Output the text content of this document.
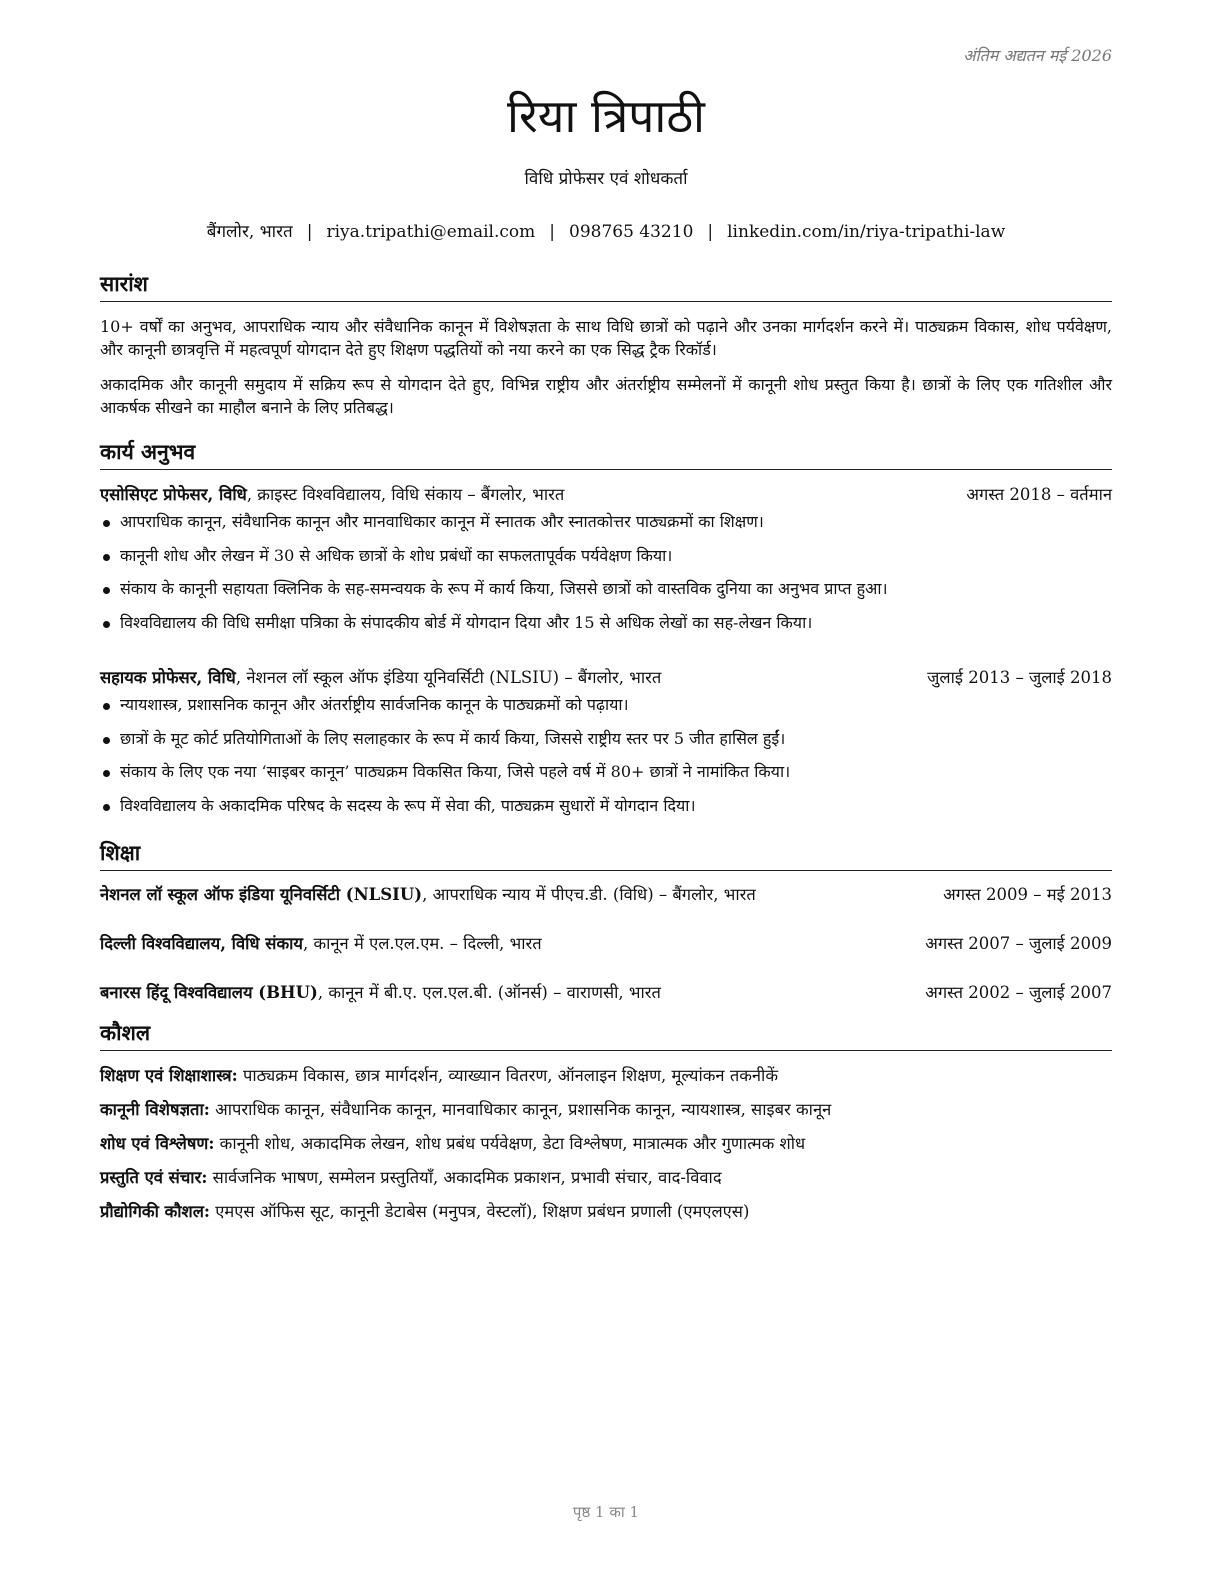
अंतिम अद्यतन मई 2026
रिया त्रिपाठी
विधि प्रोफेसर एवं शोधकर्ता
बैंगलोर, भारत | riya.tripathi@email.com | 098765 43210 | linkedin.com/in/riya-tripathi-law
सारांश
10+ वर्षों का अनुभव, आपराधिक न्याय और संवैधानिक कानून में विशेषज्ञता के साथ विधि छात्रों को पढ़ाने और उनका मार्गदर्शन करने में। पाठ्यक्रम विकास, शोध पर्यवेक्षण, और कानूनी छात्रवृत्ति में महत्वपूर्ण योगदान देते हुए शिक्षण पद्धतियों को नया करने का एक सिद्ध ट्रैक रिकॉर्ड।
अकादमिक और कानूनी समुदाय में सक्रिय रूप से योगदान देते हुए, विभिन्न राष्ट्रीय और अंतर्राष्ट्रीय सम्मेलनों में कानूनी शोध प्रस्तुत किया है। छात्रों के लिए एक गतिशील और आकर्षक सीखने का माहौल बनाने के लिए प्रतिबद्ध।
कार्य अनुभव
एसोसिएट प्रोफेसर, विधि, क्राइस्ट विश्वविद्यालय, विधि संकाय – बैंगलोर, भारत	अगस्त 2018 – वर्तमान
आपराधिक कानून, संवैधानिक कानून और मानवाधिकार कानून में स्नातक और स्नातकोत्तर पाठ्यक्रमों का शिक्षण।
कानूनी शोध और लेखन में 30 से अधिक छात्रों के शोध प्रबंधों का सफलतापूर्वक पर्यवेक्षण किया।
संकाय के कानूनी सहायता क्लिनिक के सह-समन्वयक के रूप में कार्य किया, जिससे छात्रों को वास्तविक दुनिया का अनुभव प्राप्त हुआ।
विश्वविद्यालय की विधि समीक्षा पत्रिका के संपादकीय बोर्ड में योगदान दिया और 15 से अधिक लेखों का सह-लेखन किया।
सहायक प्रोफेसर, विधि, नेशनल लॉ स्कूल ऑफ इंडिया यूनिवर्सिटी (NLSIU) – बैंगलोर, भारत	जुलाई 2013 – जुलाई 2018
न्यायशास्त्र, प्रशासनिक कानून और अंतर्राष्ट्रीय सार्वजनिक कानून के पाठ्यक्रमों को पढ़ाया।
छात्रों के मूट कोर्ट प्रतियोगिताओं के लिए सलाहकार के रूप में कार्य किया, जिससे राष्ट्रीय स्तर पर 5 जीत हासिल हुईं।
संकाय के लिए एक नया ‘साइबर कानून’ पाठ्यक्रम विकसित किया, जिसे पहले वर्ष में 80+ छात्रों ने नामांकित किया।
विश्वविद्यालय के अकादमिक परिषद के सदस्य के रूप में सेवा की, पाठ्यक्रम सुधारों में योगदान दिया।
शिक्षा
नेशनल लॉ स्कूल ऑफ इंडिया यूनिवर्सिटी (NLSIU), आपराधिक न्याय में पीएच.डी. (विधि) – बैंगलोर, भारत	अगस्त 2009 – मई 2013
दिल्ली विश्वविद्यालय, विधि संकाय, कानून में एल.एल.एम. – दिल्ली, भारत	अगस्त 2007 – जुलाई 2009
बनारस हिंदू विश्वविद्यालय (BHU), कानून में बी.ए. एल.एल.बी. (ऑनर्स) – वाराणसी, भारत	अगस्त 2002 – जुलाई 2007
कौशल
शिक्षण एवं शिक्षाशास्त्र: पाठ्यक्रम विकास, छात्र मार्गदर्शन, व्याख्यान वितरण, ऑनलाइन शिक्षण, मूल्यांकन तकनीकें
कानूनी विशेषज्ञता: आपराधिक कानून, संवैधानिक कानून, मानवाधिकार कानून, प्रशासनिक कानून, न्यायशास्त्र, साइबर कानून
शोध एवं विश्लेषण: कानूनी शोध, अकादमिक लेखन, शोध प्रबंध पर्यवेक्षण, डेटा विश्लेषण, मात्रात्मक और गुणात्मक शोध
प्रस्तुति एवं संचार: सार्वजनिक भाषण, सम्मेलन प्रस्तुतियाँ, अकादमिक प्रकाशन, प्रभावी संचार, वाद-विवाद
प्रौद्योगिकी कौशल: एमएस ऑफिस सूट, कानूनी डेटाबेस (मनुपत्र, वेस्टलॉ), शिक्षण प्रबंधन प्रणाली (एमएलएस)
पृष्ठ 1 का 1
